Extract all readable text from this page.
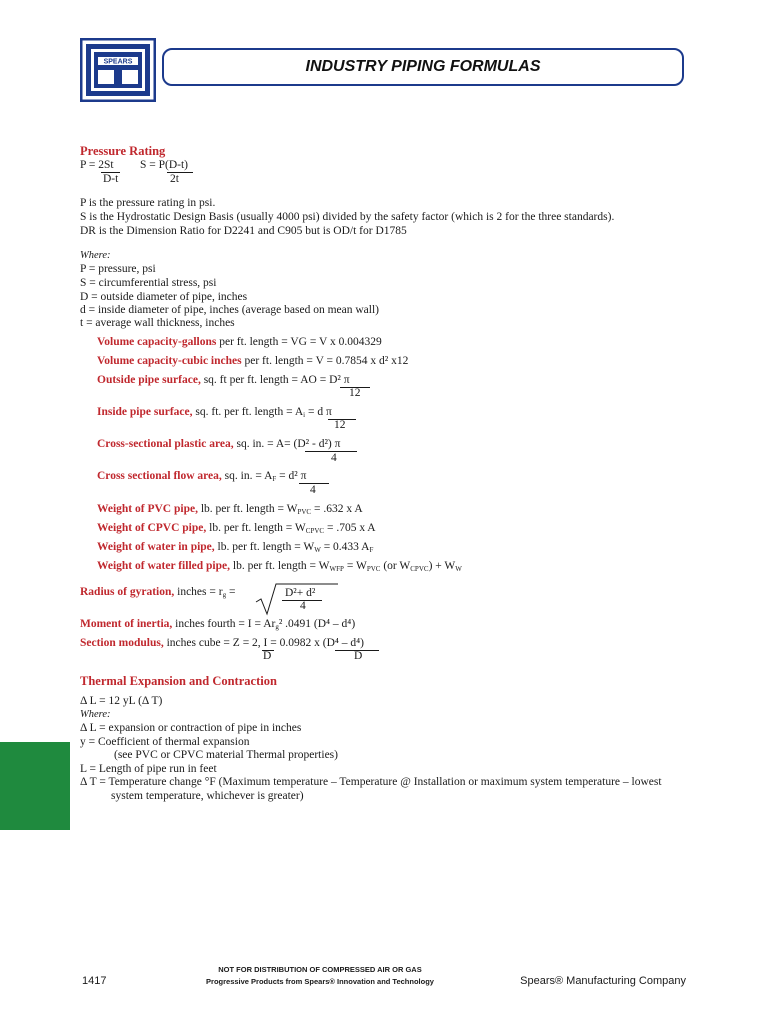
SPEARS	INDUSTRY PIPING FORMULAS
Pressure Rating
P = 2St
D-t
S = P(D-t)
2t
P is the pressure rating in psi.
S is the Hydrostatic Design Basis (usually 4000 psi) divided by the safety factor (which is 2 for the three standards).
DR is the Dimension Ratio for D2241 and C905 but is OD/t for D1785
Where:
P = pressure, psi
S = circumferential stress, psi
D = outside diameter of pipe, inches
d = inside diameter of pipe, inches (average based on mean wall)
t = average wall thickness, inches
Volume capacity-gallons per ft. length = VG = V x 0.004329
Volume capacity-cubic inches per ft. length = V = 0.7854 x d² x12
Outside pipe surface, sq. ft per ft. length = AO = D² π
12
Inside pipe surface, sq. ft. per ft. length = $A_i = d$ π
12
Cross-sectional plastic area, sq. in. = A= (D² - d²) π
4
Cross sectional flow area, sq. in. = $A_F = d^2$ π
4
Weight of PVC pipe, lb. per ft. length = $W_{PVC} = .632$ x A
Weight of CPVC pipe, lb. per ft. length = $W_{CPVC} = .705$ x A
Weight of water in pipe, lb. per ft. length = $W_W = 0.433$ $A_F$
Weight of water filled pipe, lb. per ft. length = $W_{WFP} = W_{PVC}$ (or $W_{CPVC}) + W_W$
Radius of gyration, inches = $r_g$ =	D²+ d²
4
Moment of inertia, inches fourth = $I = Ar_g^2$ .0491 (D⁴ – d⁴)
Section modulus, inches cube = Z = 2, I = 0.0982 x (D⁴ – d⁴)
D	D
Thermal Expansion and Contraction
Δ L = 12 yL (Δ T)
Where:
Δ L = expansion or contraction of pipe in inches
y = Coefficient of thermal expansion
(see PVC or CPVC material Thermal properties)
L = Length of pipe run in feet
Δ T = Temperature change °F (Maximum temperature – Temperature @ Installation or maximum system temperature – lowest
system temperature, whichever is greater)
1417
NOT FOR DISTRIBUTION OF COMPRESSED AIR OR GAS
Progressive Products from Spears® Innovation and Technology	Spears® Manufacturing Company
